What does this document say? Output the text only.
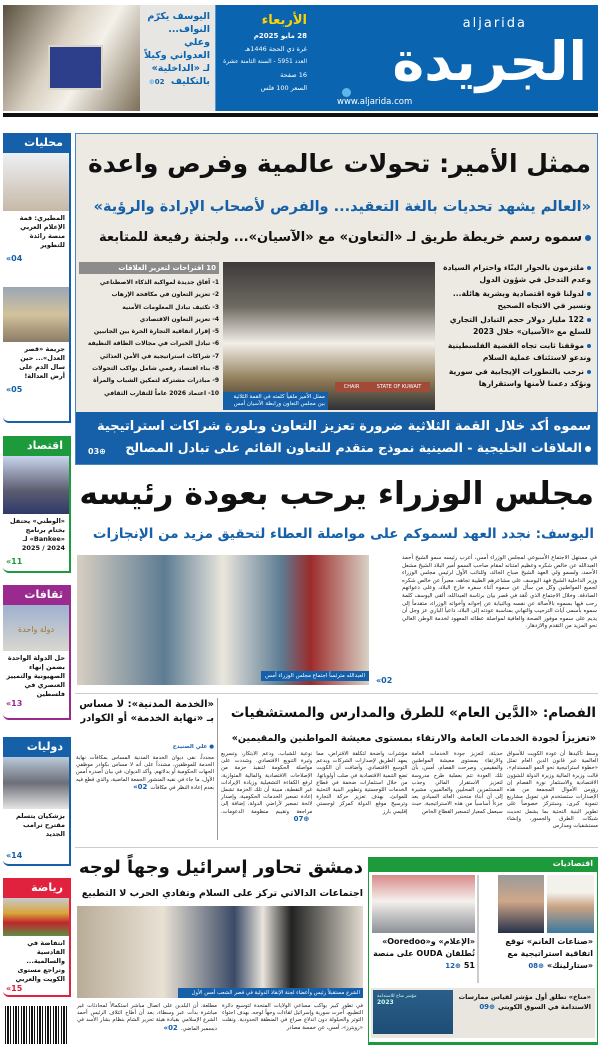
اليوسف يكرّم النواف... وعلي العدواني وكيلاً لـ «الداخلية» بالتكليف ⊕02
الأربعاء
28 مايو 2025م
غرة ذي الحجة 1446هـ
العدد 5951 - السنة الثامنة عشرة
16 صفحة
السعر 100 فلس
aljarida
الجريدة
www.aljarida.com
محليات
المطيري: قمة الإعلام العربي منصة رائدة للتطوير
«04
جريمة «قصر العدل»... حين سال الدم على أرض العدالة!
«05
اقتصاد
«الوطني» يحتفل بختام برنامج «Bankee» لـ 2024 / 2025
«11
ثقافات
دولة واحدة
حل الدولة الواحدة بضمن إنهاء الصهيونية والتمييز العنصري في فلسطين
«13
دوليات
بزشكيان يتسلم مقترح ترامب الجديد
«14
رياضة
انتفاضة في القادسية والسالمية... وتراجع مستوى الكويت والعربي
«15
ممثل الأمير: تحولات عالمية وفرص واعدة
«العالم يشهد تحديات بالغة التعقيد... والفرص لأصحاب الإرادة والرؤية»
سموه رسم خريطة طريق لـ «التعاون» مع «الآسيان»... ولجنة رفيعة للمتابعة
ملتزمون بالحوار البنّاء واحترام السيادة وعدم التدخل في شؤون الدول
لدولنا قوة اقتصادية وبشرية هائلة... ونسير في الاتجاه الصحيح
122 مليار دولار حجم التبادل التجاري للسلع مع «الآسيان» خلال 2023
موقفنا ثابت تجاه القضية الفلسطينية وندعو لاستئناف عملية السلام
نرحب بالتطورات الإيجابية في سورية ونؤكد دعمنا لأمنها واستقرارها
CHAIR	STATE OF KUWAIT
ممثل الأمير ملقياً كلمته في القمة الثلاثية بين مجلس التعاون ورابطة الآسيان أمس
10 اقتراحات لتعزيز العلاقات
1- آفاق جديدة لمواكبة الذكاء الاصطناعي
2- تعزيز التعاون في مكافحة الإرهاب
3- تكثيف تبادل المعلومات الأمنية
4- تعزيز التعاون الاقتصادي
5- إقرار اتفاقية التجارة الحرة بين الجانبين
6- تبادل الخبرات في مجالات الطاقة النظيفة
7- شراكات استراتيجية في الأمن الغذائي
8- بناء اقتصاد رقمي شامل يواكب التحولات
9- مبادرات مشتركة لتمكين الشباب والمرأة
10- اعتماد 2026 عاماً للتقارب الثقافي
سموه أكد خلال القمة الثلاثية ضرورة تعزيز التعاون وبلورة شراكات استراتيجية
العلاقات الخليجية - الصينية نموذج متقدم للتعاون القائم على تبادل المصالح
03⊕
مجلس الوزراء يرحب بعودة رئيسه
اليوسف: نجدد العهد لسموكم على مواصلة العطاء لتحقيق مزيد من الإنجازات
العبدالله مترئساً اجتماع مجلس الوزراء أمس
في مستهل الاجتماع الأسبوعي لمجلس الوزراء أمس، أعرب رئيسه سمو الشيخ أحمد العبدالله عن خالص شكره وعظيم امتنانه لمقام صاحب السمو أمير البلاد الشيخ مشعل الأحمد، ولسمو ولي العهد الشيخ صباح الخالد، وللنائب الأول لرئيس مجلس الوزراء وزير الداخلية الشيخ فهد اليوسف على مشاعرهم الطيبة تجاهه، معبراً عن خالص شكره لجميع المواطنين وكل من سأل عن سموه أثناء سفره خارج البلاد، وعلى دعواتهم الصادقة. وخلال الاجتماع الذي عُقد في قصر بيان برئاسة العبدالله، ألقى اليوسف كلمة رحب فيها بسموه بالأصالة عن نفسه وبالنيابة عن إخوانه وأخواته الوزراء، متقدماً إلى سموه بأسمى آيات الترحيب والتهاني بمناسبة عودته إلى البلاد، داعياً الباري عز وجل أن يديم على سموه موفور الصحة والعافية لمواصلة عطائه المعهود لخدمة الوطن الغالي نحو المزيد من التقدم والازدهار.
«02
الفصام: «الدَّين العام» للطرق والمدارس والمستشفيات
«تعزيزاً لجودة الخدمات العامة والارتقاء بمستوى معيشة المواطنين والمقيمين»
وسط تأكيدها أن عودة الكويت للأسواق العالمية عبر قانون الدين العام تمثل «خطوة استراتيجية نحو النمو المستدام»، قالت وزيرة المالية وزيرة الدولة للشؤون الاقتصادية والاستثمار نورة الفصام إن رؤوس الأموال المجمعة من هذه الإصدارات ستستخدم في تمويل مشاريع تنموية كبرى، وستتركز خصوصاً على تطوير البنية التحتية بما يشمل تحديث شبكات الطرق والجسور، وإنشاء مستشفيات ومدارس
حديثة، لتعزيز جودة الخدمات العامة والارتقاء بمستوى معيشة المواطنين والمقيمين. وصرحت الفصام، أمس، بأن تلك العودة تتم بعملية طرح مدروسة لتعزيز الاستقرار المالي وجذب المستثمرين المحليين والعالميين، مشيرة إلى أن أبناء منحنى العائد السيادي يعد جزءاً أساسياً من هذه الاستراتيجية، حيث سيعمل كمعيار لتسعير القطاع الخاص
مؤشرات واضحة لتكلفة الاقتراض، مما يمهد الطريق لإصدارات الشركات ويدعم التوسع الاقتصادي. وأضافت أن الكويت تضع التنمية الاقتصادية في صلب أولوياتها، من خلال استثمارات ضخمة في قطاع الخدمات اللوجستية وتطوير البنية التحتية للموانئ، بهدف تعزيز حركة التجارة وترسيخ موقع الدولة كمركز لوجستي إقليمي بارز
نوعية للشباب، ودعم الابتكار، وتسريع وتيرة التنويع الاقتصادي. وشددت على مواصلة الحكومة لتنفيذ حزمة من الإصلاحات الاقتصادية والمالية المتوازية، لرفع الكفاءة التشغيلية وزيادة الإيرادات غير النفطية، مبينة أن تلك الحزمة تشمل إعادة تسعير الخدمات الحكومية، وإصدار لائحة تسعير لأراضي الدولة، إضافة إلى مراجعة وتقييم منظومة الدعومات.07⊕
«الخدمة المدنية»: لا مساس بـ «نهاية الخدمة» أو الكوادر
● علي الصنيدح
مجدداً، نفى ديوان الخدمة المدنية المساس بمكافآت نهاية الخدمة للموظفين، مشدداً على أنه لا مساس بكوادر موظفي الجهات الحكومية أو بدلاتهم. وأكد الديوان، في بيان أصدره أمس الأول، ما جاء في نفيه المنشور الجمعة الماضية، والذي قطع فيه بعدم إعادة النظر في مكافآت«02
دمشق تحاور إسرائيل وجهاً لوجه
اجتماعات الدالاتي تركز على السلام وتفادي الحرب لا التطبيع
الشرع مستقبلاً رئيس وأعضاء لجنة الإنقاذ الدولية في قصر الشعب أمس الأول
في تطور كبير يواكب مساعي الولايات المتحدة لتوسيع دائرة التطبيع، أجرت سورية وإسرائيل لقاءات وجهاً لوجه، بهدف احتواء التوتر والحيلولة دون اندلاع صراع في المنطقة الحدودية. ونقلت «رويترز»، أمس، عن خمسة مصادر
مطلعة، أن البلدين على اتصال مباشر استكمالاً لمحادثات غير مباشرة بدأت عبر وسطاء، بعد أن أطاح ائتلاف الرئيس أحمد الشرع الإسلامي بقيادة هيئة تحرير الشام بنظام بشار الأسد في ديسمبر الماضي.«02
اقتصاديات
«صناعات الغانم» توقع اتفاقية استراتيجية مع «ستارلينك»08⊕
«الإعلام» و«Ooredoo» تُطلقان OUDA على منصة 5112⊕
مؤشر مناخ للاستدامة
2023
«مناخ» تطلق أول مؤشر لقياس ممارسات الاستدامة في السوق الكويتي09⊕
